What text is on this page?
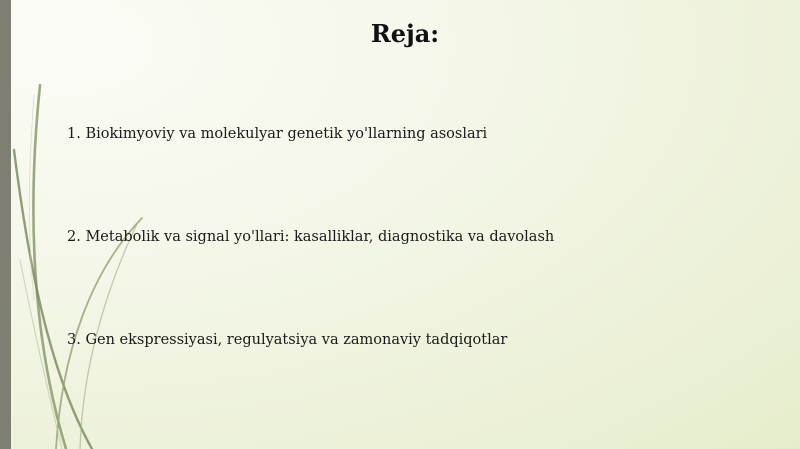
Reja:
1. Biokimyoviy va molekulyar genetik yo'llarning asoslari
2. Metabolik va signal yo'llari: kasalliklar, diagnostika va davolash
3. Gen ekspressiyasi, regulyatsiya va zamonaviy tadqiqotlar
